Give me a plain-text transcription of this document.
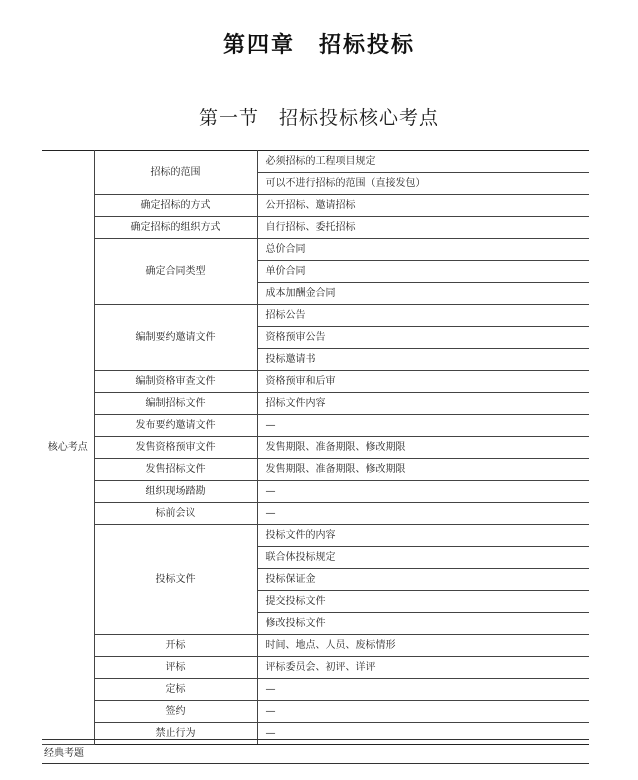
第四章　招标投标
第一节　招标投标核心考点
核心考点	招标的范围	必须招标的工程项目规定
		可以不进行招标的范围（直接发包）
	确定招标的方式	公开招标、邀请招标
	确定招标的组织方式	自行招标、委托招标
	确定合同类型	总价合同
		单价合同
		成本加酬金合同
	编制要约邀请文件	招标公告
		资格预审公告
		投标邀请书
	编制资格审查文件	资格预审和后审
	编制招标文件	招标文件内容
	发布要约邀请文件	—
	发售资格预审文件	发售期限、准备期限、修改期限
	发售招标文件	发售期限、准备期限、修改期限
	组织现场踏勘	—
	标前会议	—
	投标文件	投标文件的内容
		联合体投标规定
		投标保证金
		提交投标文件
		修改投标文件
	开标	时间、地点、人员、废标情形
	评标	评标委员会、初评、详评
	定标	—
	签约	—
	禁止行为	—
经典考题
